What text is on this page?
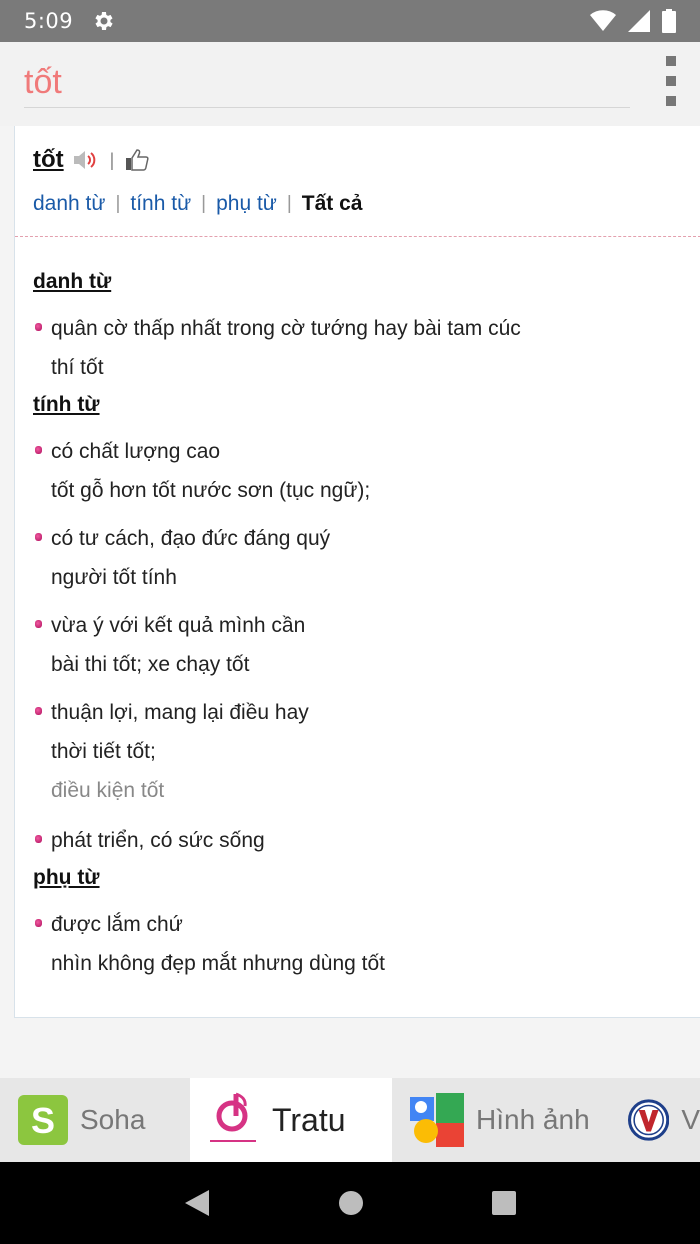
5:09
tốt
tốt	|
danh từ | tính từ | phụ từ | Tất cả
danh từ
quân cờ thấp nhất trong cờ tướng hay bài tam cúc
thí tốt
tính từ
có chất lượng cao
tốt gỗ hơn tốt nước sơn (tục ngữ);
có tư cách, đạo đức đáng quý
người tốt tính
vừa ý với kết quả mình cần
bài thi tốt; xe chạy tốt
thuận lợi, mang lại điều hay
thời tiết tốt;
điều kiện tốt
phát triển, có sức sống
phụ từ
được lắm chứ
nhìn không đẹp mắt nhưng dùng tốt
S Soha	Tratu	Hình ảnh	V
